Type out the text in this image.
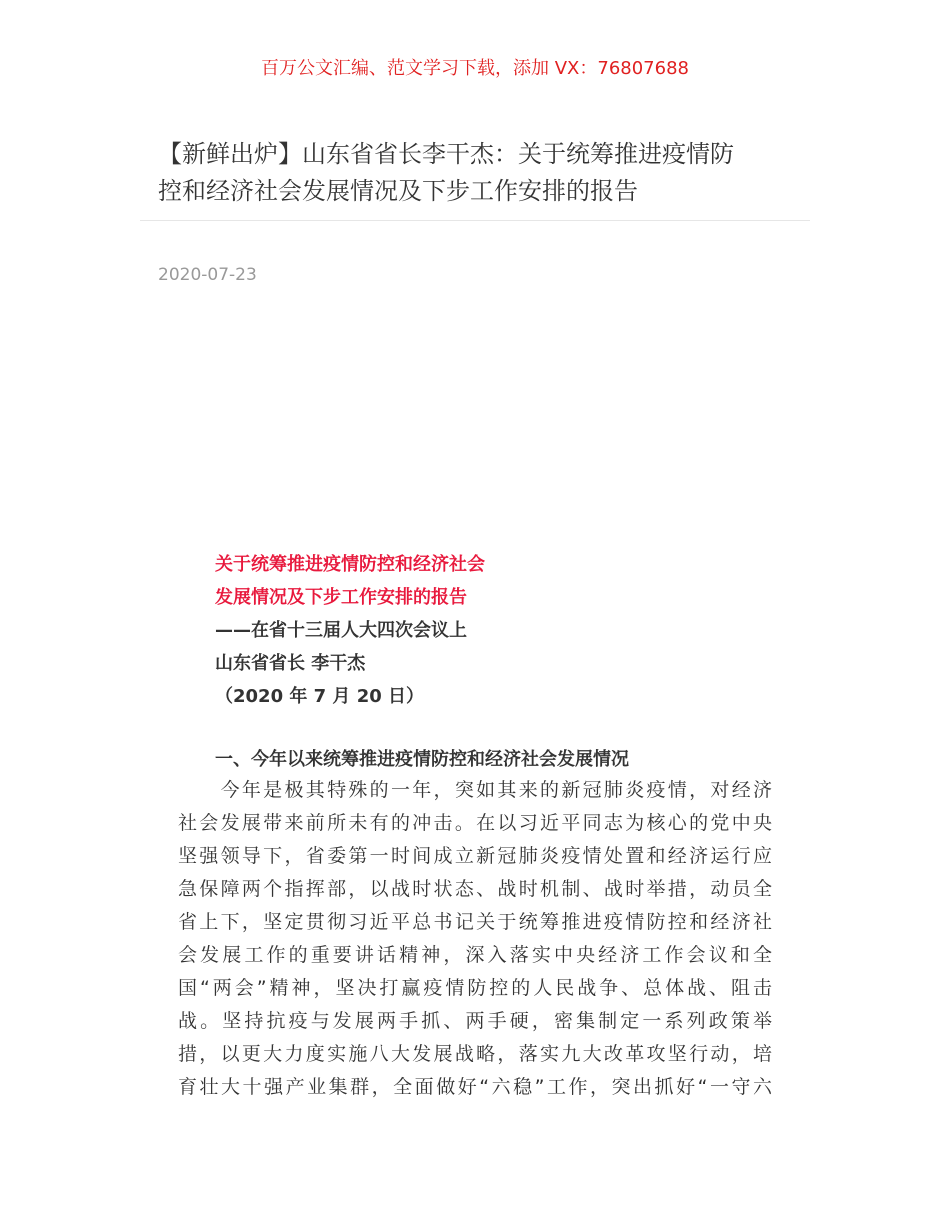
百万公文汇编、范文学习下载，添加 VX：76807688
【新鲜出炉】山东省省长李干杰：关于统筹推进疫情防
控和经济社会发展情况及下步工作安排的报告
2020-07-23
关于统筹推进疫情防控和经济社会
发展情况及下步工作安排的报告
——在省十三届人大四次会议上
山东省省长 李干杰
（2020 年 7 月 20 日）
一、今年以来统筹推进疫情防控和经济社会发展情况
　　今年是极其特殊的一年，突如其来的新冠肺炎疫情，对经济
社会发展带来前所未有的冲击。在以习近平同志为核心的党中央
坚强领导下，省委第一时间成立新冠肺炎疫情处置和经济运行应
急保障两个指挥部，以战时状态、战时机制、战时举措，动员全
省上下，坚定贯彻习近平总书记关于统筹推进疫情防控和经济社
会发展工作的重要讲话精神，深入落实中央经济工作会议和全
国“两会”精神，坚决打赢疫情防控的人民战争、总体战、阻击
战。坚持抗疫与发展两手抓、两手硬，密集制定一系列政策举
措，以更大力度实施八大发展战略，落实九大改革攻坚行动，培
育壮大十强产业集群，全面做好“六稳”工作，突出抓好“一守六
